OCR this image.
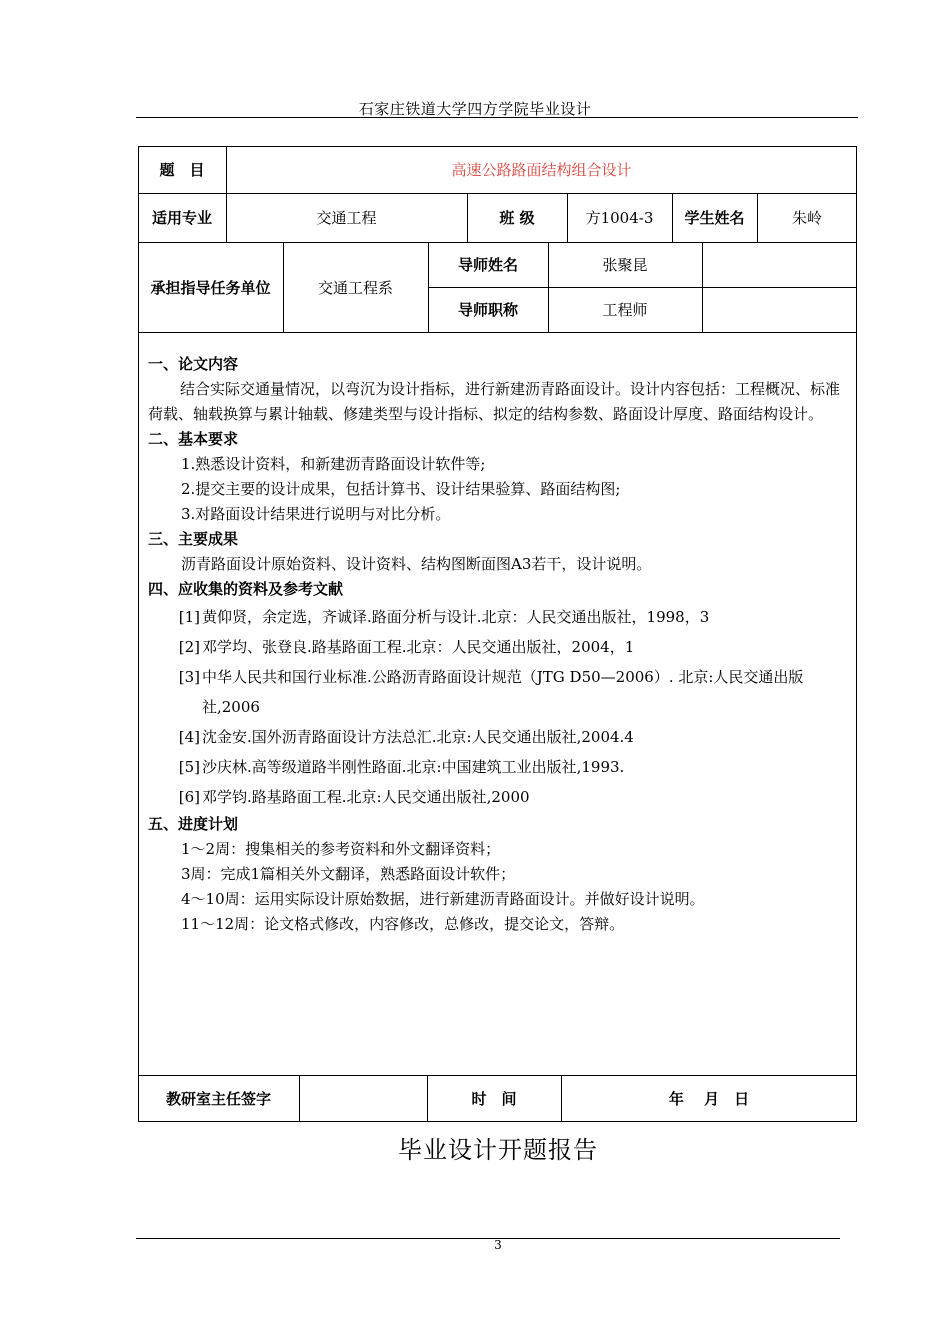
石家庄铁道大学四方学院毕业设计
题　目	高速公路路面结构组合设计
适用专业	交通工程	班 级	方1004-3	学生姓名	朱岭
承担指导任务单位	交通工程系
导师姓名	张聚昆
导师职称	工程师
一、论文内容
结合实际交通量情况，以弯沉为设计指标，进行新建沥青路面设计。设计内容包括：工程概况、标准荷载、轴载换算与累计轴载、修建类型与设计指标、拟定的结构参数、路面设计厚度、路面结构设计。
二、基本要求
1.熟悉设计资料，和新建沥青路面设计软件等;
2.提交主要的设计成果，包括计算书、设计结果验算、路面结构图;
3.对路面设计结果进行说明与对比分析。
三、主要成果
沥青路面设计原始资料、设计资料、结构图断面图A3若干，设计说明。
四、应收集的资料及参考文献
[1] 黄仰贤，余定选，齐诚译.路面分析与设计.北京：人民交通出版社，1998，3
[2] 邓学均、张登良.路基路面工程.北京：人民交通出版社，2004，1
[3] 中华人民共和国行业标准.公路沥青路面设计规范（JTG D50—2006）. 北京:人民交通出版社,2006
[4] 沈金安.国外沥青路面设计方法总汇.北京:人民交通出版社,2004.4
[5] 沙庆林.高等级道路半刚性路面.北京:中国建筑工业出版社,1993.
[6] 邓学钧.路基路面工程.北京:人民交通出版社,2000
五、进度计划
1～2周：搜集相关的参考资料和外文翻译资料；
3周：完成1篇相关外文翻译，熟悉路面设计软件；
4～10周：运用实际设计原始数据，进行新建沥青路面设计。并做好设计说明。
11～12周：论文格式修改，内容修改，总修改，提交论文，答辩。
教研室主任签字	时　间	年　 月　日
毕业设计开题报告
3
